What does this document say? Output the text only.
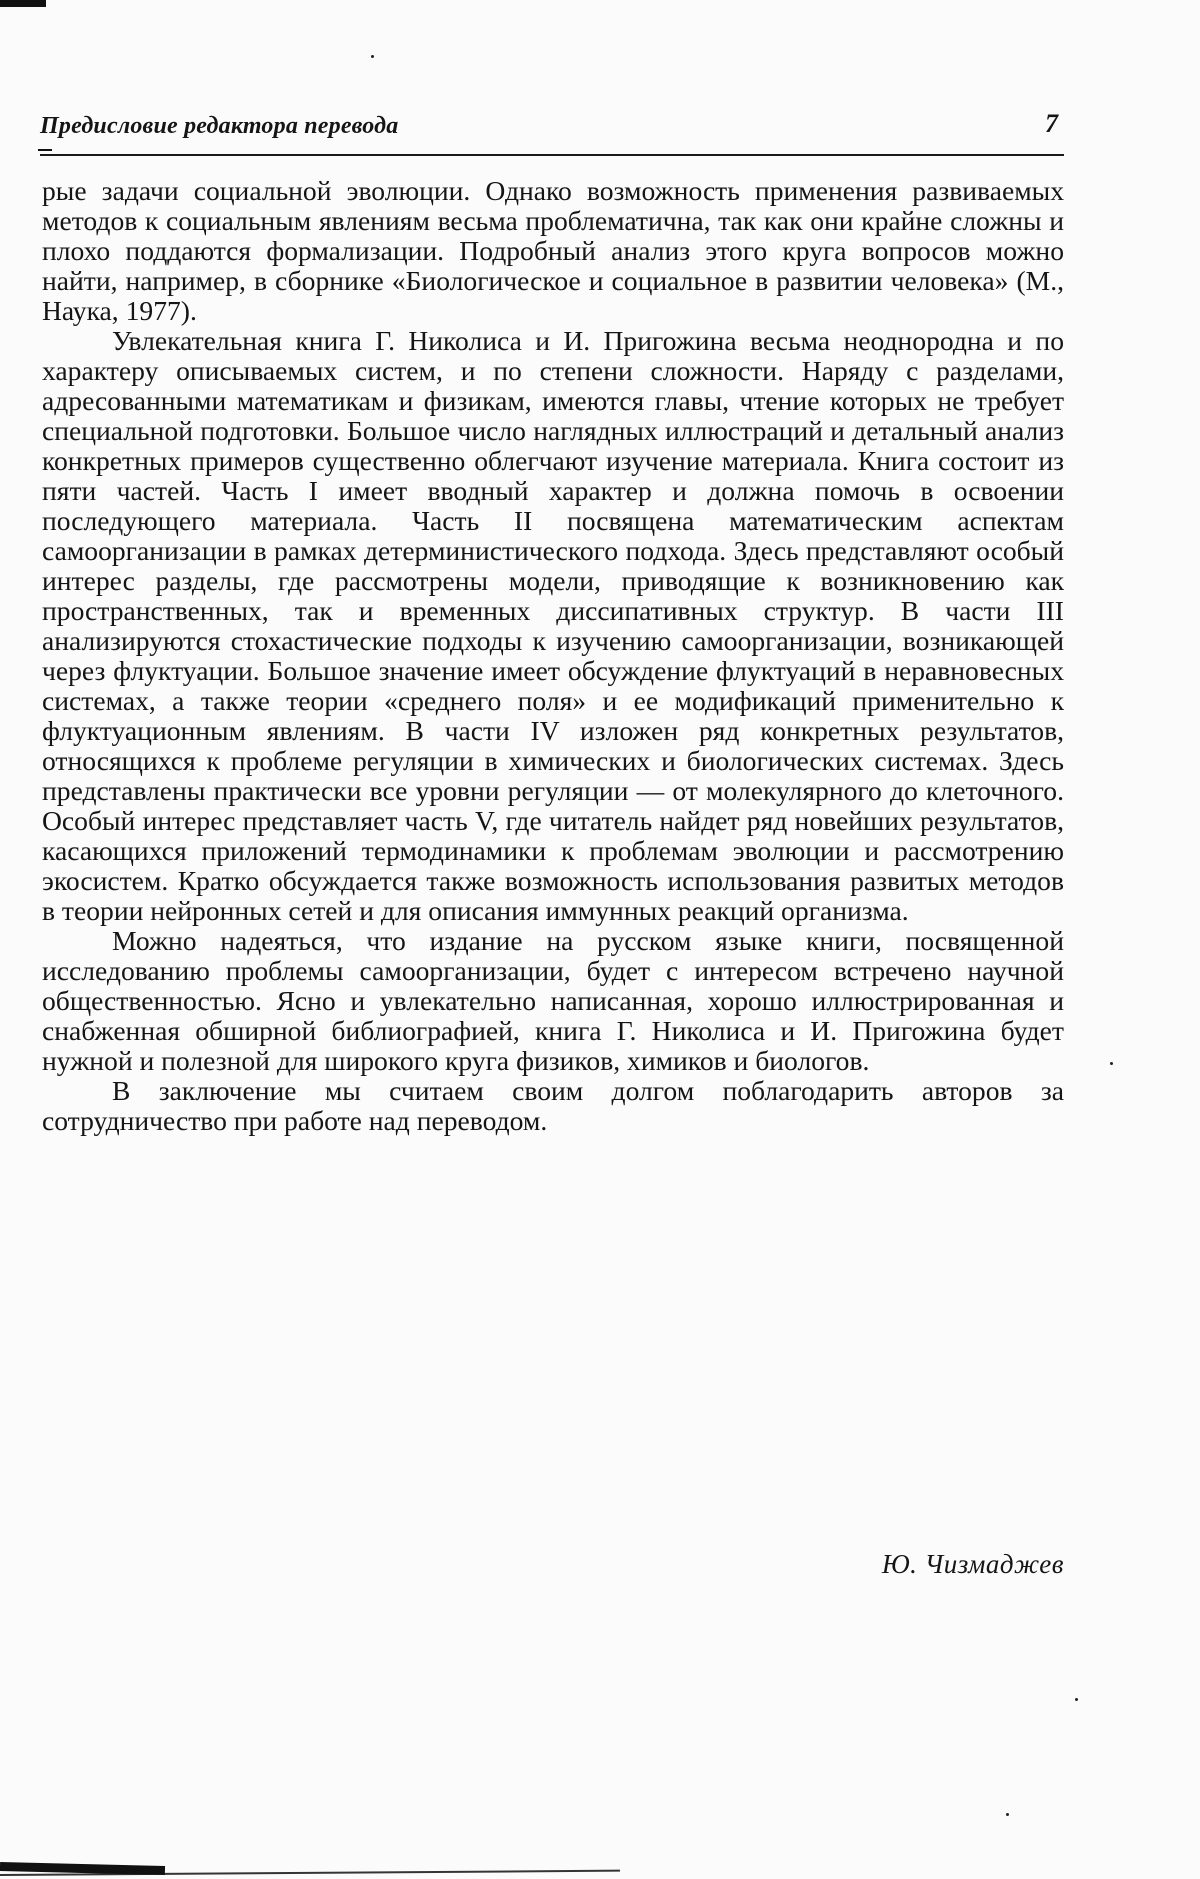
Предисловие редактора перевода	7

рые задачи социальной эволюции. Однако возможность применения развиваемых методов к социальным явлениям весьма проблематична, так как они крайне сложны и плохо поддаются формализации. Подробный анализ этого круга вопросов можно найти, например, в сборнике «Биологическое и социальное в развитии человека» (М., Наука, 1977).

Увлекательная книга Г. Николиса и И. Пригожина весьма неоднородна и по характеру описываемых систем, и по степени сложности. Наряду с разделами, адресованными математикам и физикам, имеются главы, чтение которых не требует специальной подготовки. Большое число наглядных иллюстраций и детальный анализ конкретных примеров существенно облегчают изучение материала. Книга состоит из пяти частей. Часть I имеет вводный характер и должна помочь в освоении последующего материала. Часть II посвящена математическим аспектам самоорганизации в рамках детерминистического подхода. Здесь представляют особый интерес разделы, где рассмотрены модели, приводящие к возникновению как пространственных, так и временных диссипативных структур. В части III анализируются стохастические подходы к изучению самоорганизации, возникающей через флуктуации. Большое значение имеет обсуждение флуктуаций в неравновесных системах, а также теории «среднего поля» и ее модификаций применительно к флуктуационным явлениям. В части IV изложен ряд конкретных результатов, относящихся к проблеме регуляции в химических и биологических системах. Здесь представлены практически все уровни регуляции — от молекулярного до клеточного. Особый интерес представляет часть V, где читатель найдет ряд новейших результатов, касающихся приложений термодинамики к проблемам эволюции и рассмотрению экосистем. Кратко обсуждается также возможность использования развитых методов в теории нейронных сетей и для описания иммунных реакций организма.

Можно надеяться, что издание на русском языке книги, посвященной исследованию проблемы самоорганизации, будет с интересом встречено научной общественностью. Ясно и увлекательно написанная, хорошо иллюстрированная и снабженная обширной библиографией, книга Г. Николиса и И. Пригожина будет нужной и полезной для широкого круга физиков, химиков и биологов.

В заключение мы считаем своим долгом поблагодарить авторов за сотрудничество при работе над переводом.

Ю. Чизмаджев
